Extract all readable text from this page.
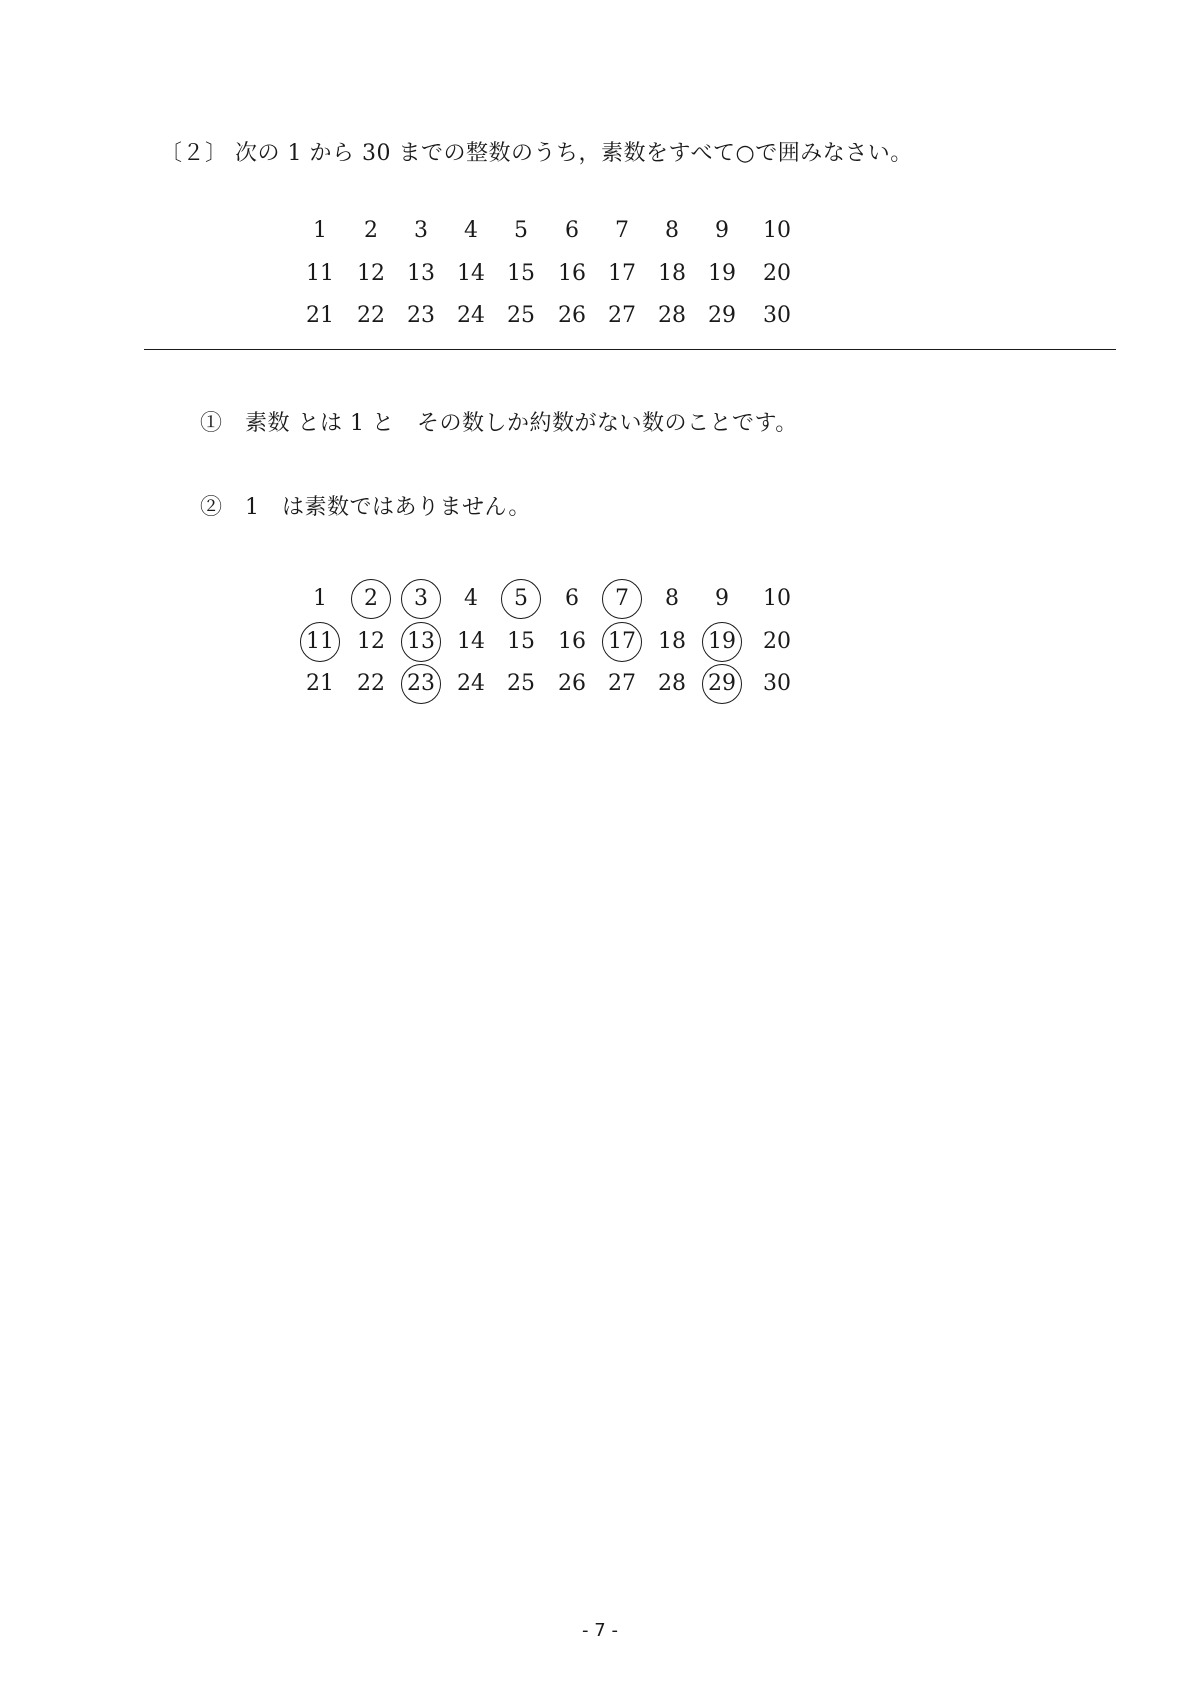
〔２〕 次の 1 から 30 までの整数のうち，素数をすべて○で囲みなさい。
1	2	3	4	5	6	7	8	9	10
11	12	13	14	15	16	17	18	19	20
21	22	23	24	25	26	27	28	29	30
①　素数 とは 1 と　その数しか約数がない数のことです。
②　1　は素数ではありません。
1	2	3	4	5	6	7	8	9	10
11	12	13	14	15	16	17	18	19	20
21	22	23	24	25	26	27	28	29	30
- 7 -
